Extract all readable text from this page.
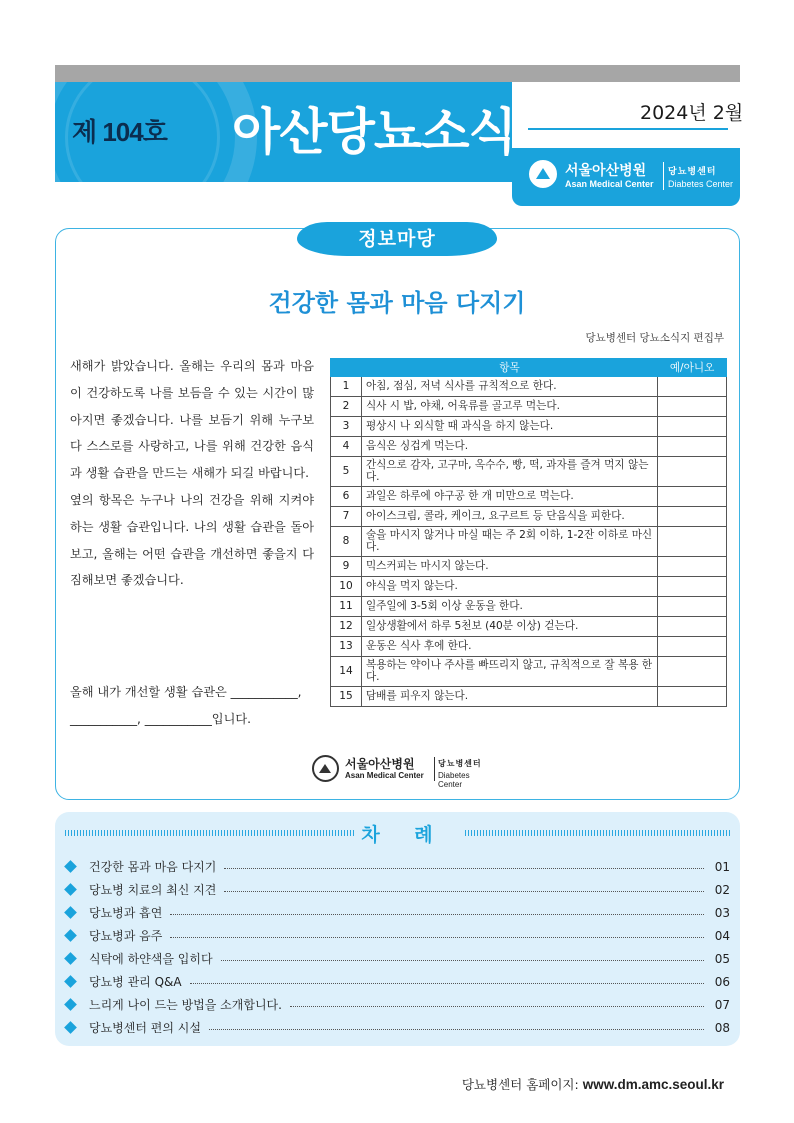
제 104호 아산당뇨소식	2024년 2월
서울아산병원
Asan Medical Center
당뇨병센터
Diabetes Center
정보마당
건강한 몸과 마음 다지기
당뇨병센터 당뇨소식지 편집부

새해가 밝았습니다. 올해는 우리의 몸과 마음이 건강하도록 나를 보듬을 수 있는 시간이 많아지면 좋겠습니다. 나를 보듬기 위해 누구보다 스스로를 사랑하고, 나를 위해 건강한 음식과 생활 습관을 만드는 새해가 되길 바랍니다.

옆의 항목은 누구나 나의 건강을 위해 지켜야 하는 생활 습관입니다. 나의 생활 습관을 돌아보고, 올해는 어떤 습관을 개선하면 좋을지 다짐해보면 좋겠습니다.

올해 내가 개선할 생활 습관은 ___________, ___________, ___________입니다.
	항목	예/아니오
1	아침, 점심, 저녁 식사를 규칙적으로 한다.	
2	식사 시 밥, 야채, 어육류를 골고루 먹는다.	
3	평상시 나 외식할 때 과식을 하지 않는다.	
4	음식은 싱겁게 먹는다.	
5	간식으로 감자, 고구마, 옥수수, 빵, 떡, 과자를 즐겨 먹지 않는다.	
6	과일은 하루에 야구공 한 개 미만으로 먹는다.	
7	아이스크림, 콜라, 케이크, 요구르트 등 단음식을 피한다.	
8	술을 마시지 않거나 마실 때는 주 2회 이하, 1-2잔 이하로 마신다.	
9	믹스커피는 마시지 않는다.	
10	야식을 먹지 않는다.	
11	일주일에 3-5회 이상 운동을 한다.	
12	일상생활에서 하루 5천보 (40분 이상) 걷는다.	
13	운동은 식사 후에 한다.	
14	복용하는 약이나 주사를 빠뜨리지 않고, 규칙적으로 잘 복용 한다.	
15	담배를 피우지 않는다.	
서울아산병원
Asan Medical Center
당뇨병센터
Diabetes Center
차 례
건강한 몸과 마음 다지기	01
당뇨병 치료의 최신 지견	02
당뇨병과 흡연	03
당뇨병과 음주	04
식탁에 하얀색을 입히다	05
당뇨병 관리 Q&A	06
느리게 나이 드는 방법을 소개합니다.	07
당뇨병센터 편의 시설	08
당뇨병센터 홈페이지: www.dm.amc.seoul.kr
